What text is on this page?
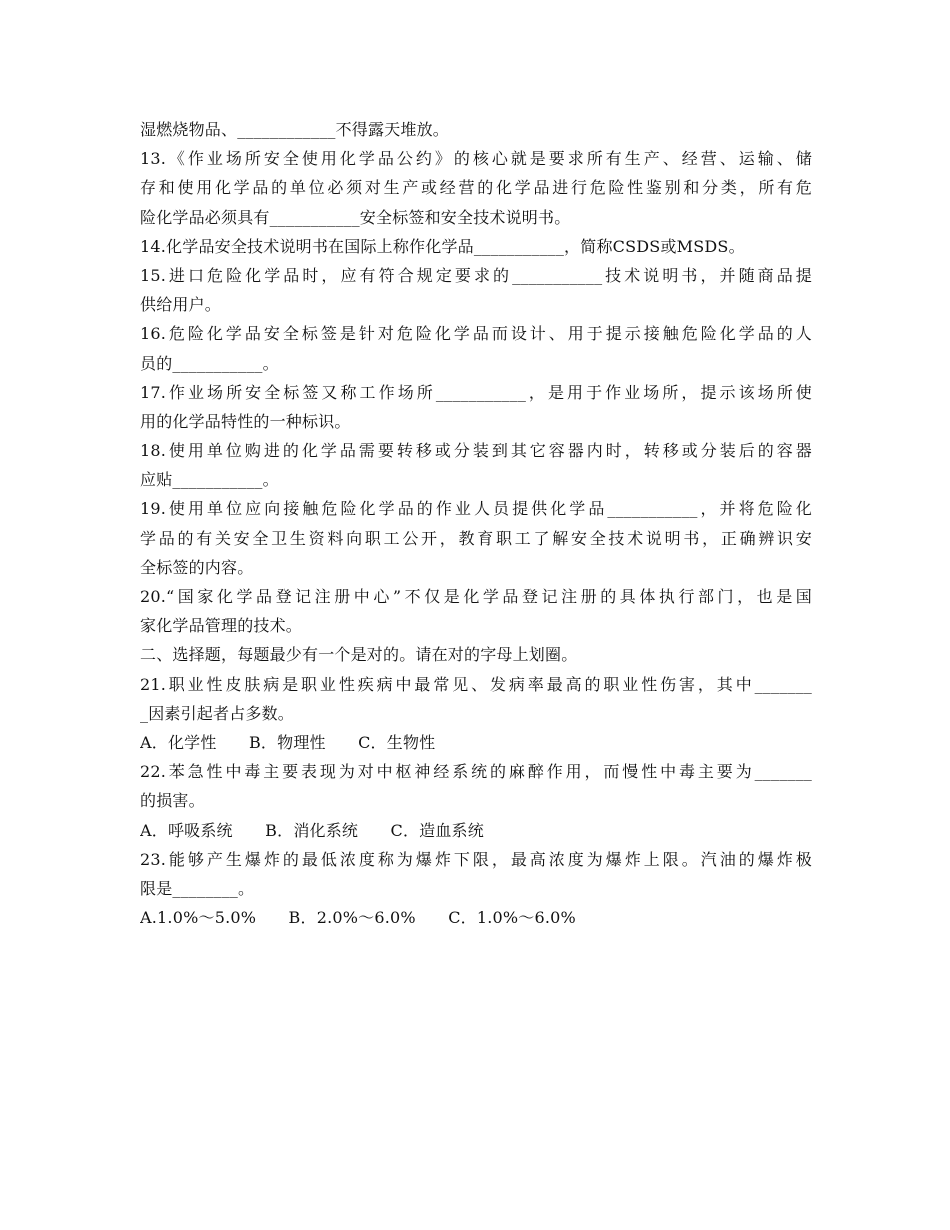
湿燃烧物品、____________不得露天堆放。
13.《作业场所安全使用化学品公约》的核心就是要求所有生产、经营、运输、储
存和使用化学品的单位必须对生产或经营的化学品进行危险性鉴别和分类，所有危
险化学品必须具有___________安全标签和安全技术说明书。
14.化学品安全技术说明书在国际上称作化学品___________，简称CSDS或MSDS。
15.进口危险化学品时，应有符合规定要求的___________技术说明书，并随商品提
供给用户。
16.危险化学品安全标签是针对危险化学品而设计、用于提示接触危险化学品的人
员的___________。
17.作业场所安全标签又称工作场所___________，是用于作业场所，提示该场所使
用的化学品特性的一种标识。
18.使用单位购进的化学品需要转移或分装到其它容器内时，转移或分装后的容器
应贴___________。
19.使用单位应向接触危险化学品的作业人员提供化学品___________，并将危险化
学品的有关安全卫生资料向职工公开，教育职工了解安全技术说明书，正确辨识安
全标签的内容。
20.“国家化学品登记注册中心”不仅是化学品登记注册的具体执行部门，也是国
家化学品管理的技术。
二、选择题，每题最少有一个是对的。请在对的字母上划圈。
21.职业性皮肤病是职业性疾病中最常见、发病率最高的职业性伤害，其中_______
_因素引起者占多数。
A．化学性　　B．物理性　　C．生物性
22.苯急性中毒主要表现为对中枢神经系统的麻醉作用，而慢性中毒主要为_______
的损害。
A．呼吸系统　　B．消化系统　　C．造血系统
23.能够产生爆炸的最低浓度称为爆炸下限，最高浓度为爆炸上限。汽油的爆炸极
限是________。
A.1.0%～5.0%　　B．2.0%～6.0%　　C．1.0%～6.0%
